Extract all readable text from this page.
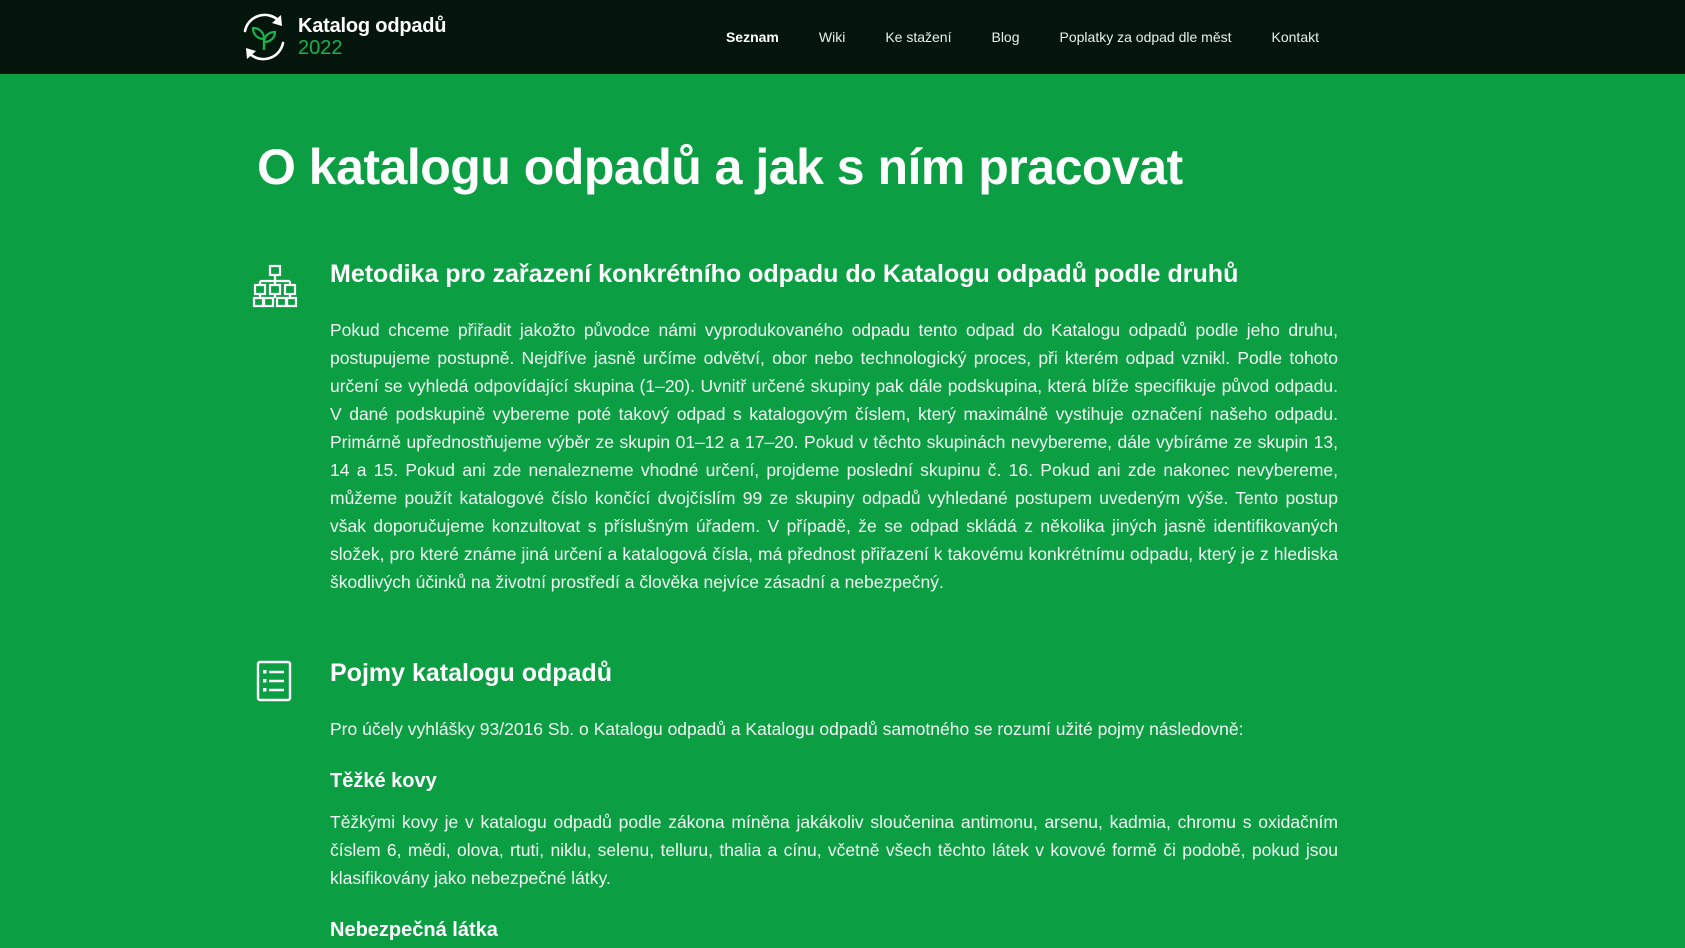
Katalog odpadů
2022	Seznam	Wiki	Ke stažení	Blog	Poplatky za odpad dle měst	Kontakt
O katalogu odpadů a jak s ním pracovat
Metodika pro zařazení konkrétního odpadu do Katalogu odpadů podle druhů

Pokud chceme přiřadit jakožto původce námi vyprodukovaného odpadu tento odpad do Katalogu odpadů podle jeho druhu, postupujeme postupně. Nejdříve jasně určíme odvětví, obor nebo technologický proces, při kterém odpad vznikl. Podle tohoto určení se vyhledá odpovídající skupina (1–20). Uvnitř určené skupiny pak dále podskupina, která blíže specifikuje původ odpadu. V dané podskupině vybereme poté takový odpad s katalogovým číslem, který maximálně vystihuje označení našeho odpadu. Primárně upřednostňujeme výběr ze skupin 01–12 a 17–20. Pokud v těchto skupinách nevybereme, dále vybíráme ze skupin 13, 14 a 15. Pokud ani zde nenalezneme vhodné určení, projdeme poslední skupinu č. 16. Pokud ani zde nakonec nevybereme, můžeme použít katalogové číslo končící dvojčíslím 99 ze skupiny odpadů vyhledané postupem uvedeným výše. Tento postup však doporučujeme konzultovat s příslušným úřadem. V případě, že se odpad skládá z několika jiných jasně identifikovaných složek, pro které známe jiná určení a katalogová čísla, má přednost přiřazení k takovému konkrétnímu odpadu, který je z hlediska škodlivých účinků na životní prostředí a člověka nejvíce zásadní a nebezpečný.

Pojmy katalogu odpadů

Pro účely vyhlášky 93/2016 Sb. o Katalogu odpadů a Katalogu odpadů samotného se rozumí užité pojmy následovně:

Těžké kovy

Těžkými kovy je v katalogu odpadů podle zákona míněna jakákoliv sloučenina antimonu, arsenu, kadmia, chromu s oxidačním číslem 6, mědi, olova, rtuti, niklu, selenu, telluru, thalia a cínu, včetně všech těchto látek v kovové formě či podobě, pokud jsou klasifikovány jako nebezpečné látky.

Nebezpečná látka
